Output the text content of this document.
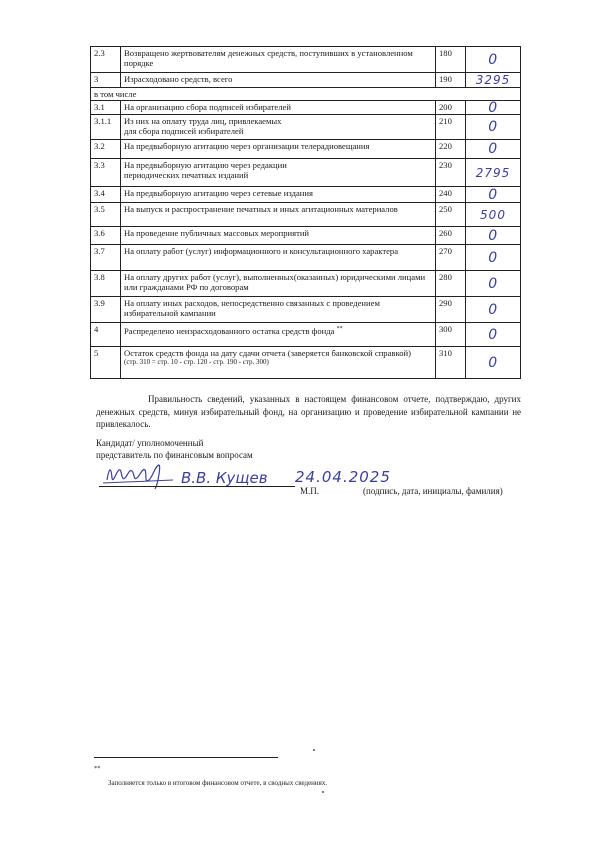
2.3	Возвращено жертвователям денежных средств, поступивших в установленном порядке	180	0

3	Израсходовано средств, всего	190	3295

в том числе			
3.1	На организацию сбора подписей избирателей	200	0

3.1.1	Из них на оплату труда лиц, привлекаемых
для сбора подписей избирателей	210	0

3.2	На предвыборную агитацию через организации телерадиовещания	220	0

3.3	На предвыборную агитацию через редакции
периодических печатных изданий	230	2795

3.4	На предвыборную агитацию через сетевые издания	240	0

3.5	На выпуск и распространение печатных и иных агитационных материалов	250	500

3.6	На проведение публичных массовых мероприятий	260	0

3.7	На оплату работ (услуг) информационного и консультационного характера	270	0

3.8	На оплату других работ (услуг), выполненных(оказанных) юридическими лицами или гражданами РФ по договорам	280	0

3.9	На оплату иных расходов, непосредственно связанных с проведением избирательной кампании	290	0

4	Распределено неизрасходованного остатка средств фонда **	300	0

5	Остаток средств фонда на дату сдачи отчета (заверяется банковской справкой)
(стр. 310 = стр. 10 - стр. 120 - стр. 190 - стр. 300)	310	0
Правильность сведений, указанных в настоящем финансовом отчете, подтверждаю, других денежных средств, минуя избирательный фонд, на организацию и проведение избирательной кампании не привлекалось.
Кандидат/ уполномоченный
представитель по финансовым вопросам
В.В. Кущев 24.04.2025
М.П.	(подпись, дата, инициалы, фамилия)
**
Заполняется только в итоговом финансовом отчете, в сводных сведениях.
